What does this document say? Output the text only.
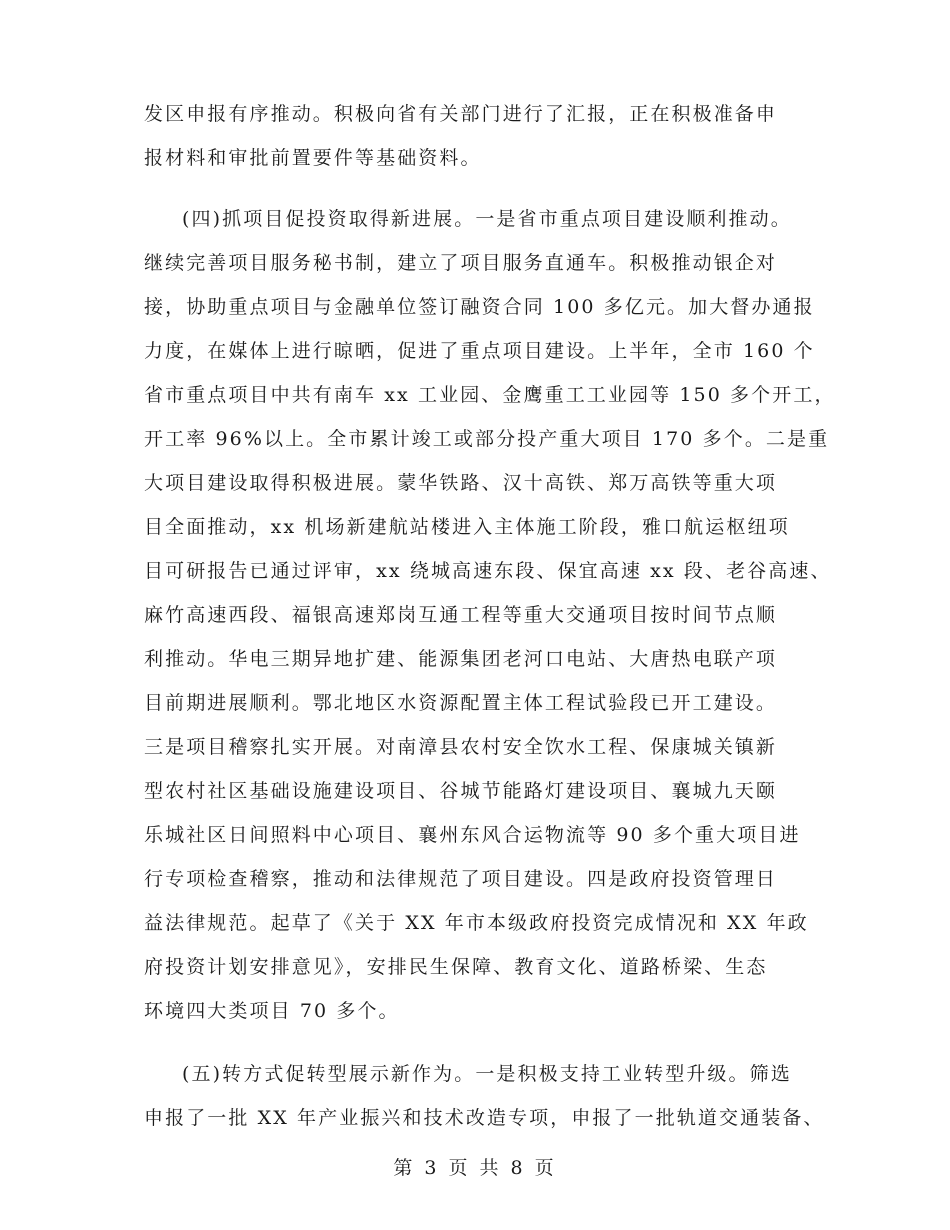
发区申报有序推动。积极向省有关部门进行了汇报，正在积极准备申
报材料和审批前置要件等基础资料。
(四)抓项目促投资取得新进展。一是省市重点项目建设顺利推动。
继续完善项目服务秘书制，建立了项目服务直通车。积极推动银企对
接，协助重点项目与金融单位签订融资合同 100 多亿元。加大督办通报
力度，在媒体上进行晾晒，促进了重点项目建设。上半年，全市 160 个
省市重点项目中共有南车 xx 工业园、金鹰重工工业园等 150 多个开工，
开工率 96%以上。全市累计竣工或部分投产重大项目 170 多个。二是重
大项目建设取得积极进展。蒙华铁路、汉十高铁、郑万高铁等重大项
目全面推动，xx 机场新建航站楼进入主体施工阶段，雅口航运枢纽项
目可研报告已通过评审，xx 绕城高速东段、保宜高速 xx 段、老谷高速、
麻竹高速西段、福银高速郑岗互通工程等重大交通项目按时间节点顺
利推动。华电三期异地扩建、能源集团老河口电站、大唐热电联产项
目前期进展顺利。鄂北地区水资源配置主体工程试验段已开工建设。
三是项目稽察扎实开展。对南漳县农村安全饮水工程、保康城关镇新
型农村社区基础设施建设项目、谷城节能路灯建设项目、襄城九天颐
乐城社区日间照料中心项目、襄州东风合运物流等 90 多个重大项目进
行专项检查稽察，推动和法律规范了项目建设。四是政府投资管理日
益法律规范。起草了《关于 XX 年市本级政府投资完成情况和 XX 年政
府投资计划安排意见》，安排民生保障、教育文化、道路桥梁、生态
环境四大类项目 70 多个。
(五)转方式促转型展示新作为。一是积极支持工业转型升级。筛选
申报了一批 XX 年产业振兴和技术改造专项，申报了一批轨道交通装备、
第 3 页 共 8 页
